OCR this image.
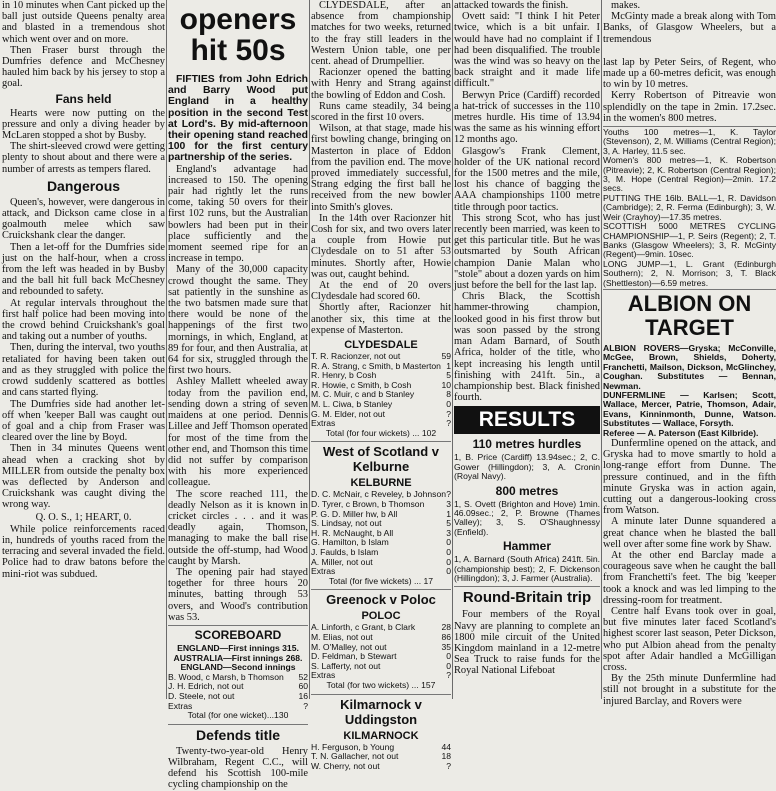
in 10 minutes when Cant picked up the ball just outside Queens penalty area and blasted in a tremendous shot which went over and on more.

Then Fraser burst through the Dumfries defence and McChesney hauled him back by his jersey to stop a goal.

Fans held

Hearts were now putting on the pressure and only a diving header by McLaren stopped a shot by Busby.

The shirt-sleeved crowd were getting plenty to shout about and there were a number of arrests as tempers flared.

Dangerous

Queen's, however, were dangerous in attack, and Dickson came close in a goalmouth melee which saw Cruickshank clear the danger.

Then a let-off for the Dumfries side just on the half-hour, when a cross from the left was headed in by Busby and the ball hit full back McChesney and rebounded to safety.

At regular intervals throughout the first half police had been moving into the crowd behind Cruickshank's goal and taking out a number of youths.

Then, during the interval, two youths retaliated for having been taken out and as they struggled with police the crowd suddenly scattered as bottles and cans started flying.

The Dumfries side had another let-off when 'keeper Ball was caught out of goal and a chip from Fraser was cleared over the line by Boyd.

Then in 34 minutes Queens went ahead when a cracking shot by MILLER from outside the penalty box was deflected by Anderson and Cruickshank was caught diving the wrong way.

Q. O. S., 1; HEART, 0.

While police reinforcements raced in, hundreds of youths raced from the terracing and several invaded the field. Police had to draw batons before the mini-riot was subdued.

openers hit 50s

FIFTIES from John Edrich and Barry Wood put England in a healthy position in the second Test at Lord's. By mid-afternoon their opening stand reached 100 for the first century partnership of the series.

England's advantage had increased to 150. The opening pair had rightly let the runs come, taking 50 overs for their first 102 runs, but the Australian bowlers had been put in their place sufficiently and the moment seemed ripe for an increase in tempo.

Many of the 30,000 capacity crowd thought the same. They sat patiently in the sunshine as the two batsmen made sure that there would be none of the happenings of the first two mornings, in which, England, at 89 for four, and then Australia, at 64 for six, struggled through the first two hours.

Ashley Mallett wheeled away today from the pavilion end, sending down a string of seven maidens at one period. Dennis Lillee and Jeff Thomson operated for most of the time from the other end, and Thomson this time did not suffer by comparison with his more experienced colleague.

The score reached 111, the deadly Nelson as it is known in cricket circles . . . and it was deadly again, Thomson, managing to make the ball rise outside the off-stump, had Wood caught by Marsh.

The opening pair had stayed together for three hours 20 minutes, batting through 53 overs, and Wood's contribution was 53.

SCOREBOARD

ENGLAND—First innings 315.

AUSTRALIA—First innings 268.

ENGLAND—Second innings

B. Wood, c Marsh, b Thomson 52
J. H. Edrich, not out	60
D. Steele, not out	16
Extras	?

Total (for one wicket)...130

Defends title

Twenty-two-year-old Henry Wilbraham, Regent C.C., will defend his Scottish 100-mile cycling championship on the

CLYDESDALE, after an absence from championship matches for two weeks, returned to the fray still leaders in the Western Union table, one per cent. ahead of Drumpellier.

Racionzer opened the batting with Henry and Strang against the bowling of Eddon and Cosh.

Runs came steadily, 34 being scored in the first 10 overs.

Wilson, at that stage, made his first bowling change, bringing on Masterton in place of Eddon from the pavilion end. The move proved immediately successful, Strang edging the first ball he received from the new bowler into Smith's gloves.

In the 14th over Racionzer hit Cosh for six, and two overs later a couple from Howie put Clydesdale on to 51 after 53 minutes. Shortly after, Howie was out, caught behind.

At the end of 20 overs Clydesdale had scored 60.

Shortly after, Racionzer hit another six, this time at the expense of Masterton.

CLYDESDALE
T. R. Racionzer, not out	59
R. A. Strang, c Smith, b Masterton 1
R. Henry, b Cosh	5
R. Howie, c Smith, b Cosh	10
M. C. Muir, c and b Stanley	8
M. L. Ciwa, b Stanley	0
G. M. Elder, not out	?
Extras	?

Total (for four wickets) ... 102

West of Scotland v Kelburne
KELBURNE
D. C. McNair, c Reveley, b Johnson ?
D. Tyrer, c Brown, b Thomson	3
P. G. D. Miller hw, b All	1
S. Lindsay, not out	5
H. R. McNaught, b All	3
G. Hamilton, b Islam	0
J. Faulds, b Islam	0
A. Miller, not out	0
Extras	0

Total (for five wickets) ... 17

Greenock v Poloc
POLOC
A. Linforth, c Grant, b Clark	28
M. Elias, not out	86
M. O'Malley, not out	35
D. Feldman, b Stewart	0
S. Lafferty, not out	0
Extras	?

Total (for two wickets) ... 157

Kilmarnock v Uddingston
KILMARNOCK
H. Ferguson, b Young	44
T. N. Gallacher, not out	18
W. Cherry, not out	?

attacked towards the finish.

Ovett said: "I think I hit Peter twice, which is a bit unfair. I would have had no complaint if I had been disqualified. The trouble was the wind was so heavy on the back straight and it made life difficult."

Berwyn Price (Cardiff) recorded a hat-trick of successes in the 110 metres hurdle. His time of 13.94 was the same as his winning effort 12 months ago.

Glasgow's Frank Clement, holder of the UK national record for the 1500 metres and the mile, lost his chance of bagging the AAA championships 1100 metre title through poor tactics.

This strong Scot, who has just recently been married, was keen to get this particular title. But he was outsmarted by South African champion Danie Malan who "stole" about a dozen yards on him just before the bell for the last lap.

Chris Black, the Scottish hammer-throwing champion, looked good in his first throw but was soon passed by the strong man Adam Barnard, of South Africa, holder of the title, who kept increasing his length until finishing with 241ft. 5in., a championship best. Black finished fourth.

RESULTS
110 metres hurdles

1, B. Price (Cardiff) 13.94sec.; 2, C. Gower (Hillingdon); 3, A. Cronin (Royal Navy).

800 metres

1, S. Ovett (Brighton and Hove) 1min. 46.09sec.; 2, P. Browne (Thames Valley); 3, S. O'Shaughnessy (Enfield).

Hammer

1, A. Barnard (South Africa) 241ft. 5in. (championship best); 2, F. Dickenson (Hillingdon); 3, J. Farmer (Australia).

Round-Britain trip

Four members of the Royal Navy are planning to complete an 1800 mile circuit of the United Kingdom mainland in a 12-metre Sea Truck to raise funds for the Royal National Lifeboat

makes.

McGinty made a break along with Tom Banks, of Glasgow Wheelers, but a tremendous

last lap by Peter Seirs, of Regent, who made up a 60-metres deficit, was enough to win by 10 metres.

Kerry Robertson of Pitreavie won splendidly on the tape in 2min. 17.2sec. in the women's 800 metres.

Youths 100 metres—1, K. Taylor (Stevenson), 2, M. Williams (Central Region); 3, A. Harley, 11.5 sec.

Women's 800 metres—1, K. Robertson (Pitreavie); 2, K. Robertson (Central Region); 3, M. Hope (Central Region)—2min. 17.2 secs.

PUTTING THE 16lb. BALL—1, R. Davidson (Cambridge); 2, R. Ferma (Edinburgh); 3, W. Weir (Crayhoy)—17.35 metres.

SCOTTISH 5000 METRES CYCLING CHAMPIONSHIP—1, P. Seirs (Regent); 2, T. Banks (Glasgow Wheelers); 3, R. McGinty (Regent)—9min. 10sec.

LONG JUMP—1, L. Grant (Edinburgh Southern); 2, N. Morrison; 3, T. Black (Shettleston)—6.59 metres.

ALBION ON TARGET

ALBION ROVERS—Gryska; McConville, McGee, Brown, Shields, Doherty, Franchetti, Mailson, Dickson, McGlinchey, Coughan. Substitutes — Bennan, Newman.

DUNFERMLINE — Karlsen; Scott, Wallace, Mercer, Patrie, Thomson, Adair, Evans, Kinninmonth, Dunne, Watson. Substitutes — Wallace, Forsyth.

Referee — A. Paterson (East Kilbride).

Dunfermline opened on the attack, and Gryska had to move smartly to hold a long-range effort from Dunne. The pressure continued, and in the fifth minute Gryska was in action again, cutting out a dangerous-looking cross from Watson.

A minute later Dunne squandered a great chance when he blasted the ball well over after some fine work by Shaw.

At the other end Barclay made a courageous save when he caught the ball from Franchetti's feet. The big 'keeper took a knock and was led limping to the dressing-room for treatment.

Centre half Evans took over in goal, but five minutes later faced Scotland's highest scorer last season, Peter Dickson, who put Albion ahead from the penalty spot after Adair handled a McGilligan cross.

By the 25th minute Dunfermline had still not brought in a substitute for the injured Barclay, and Rovers were
